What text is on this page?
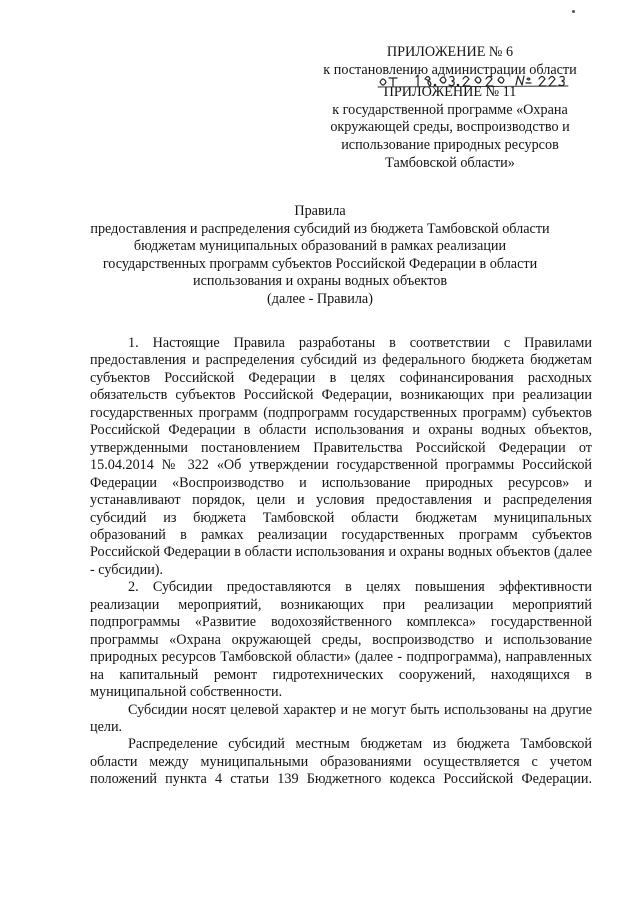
ПРИЛОЖЕНИЕ № 6
к постановлению администрации области
ПРИЛОЖЕНИЕ № 11
к государственной программе «Охрана
окружающей среды, воспроизводство и
использование природных ресурсов
Тамбовской области»
Правила
предоставления и распределения субсидий из бюджета Тамбовской области
бюджетам муниципальных образований в рамках реализации
государственных программ субъектов Российской Федерации в области
использования и охраны водных объектов
(далее - Правила)

1. Настоящие Правила разработаны в соответствии с Правилами предоставления и распределения субсидий из федерального бюджета бюджетам субъектов Российской Федерации в целях софинансирования расходных обязательств субъектов Российской Федерации, возникающих при реализации государственных программ (подпрограмм государственных программ) субъектов Российской Федерации в области использования и охраны водных объектов, утвержденными постановлением Правительства Российской Федерации от 15.04.2014 № 322 «Об утверждении государственной программы Российской Федерации «Воспроизводство и использование природных ресурсов» и устанавливают порядок, цели и условия предоставления и распределения субсидий из бюджета Тамбовской области бюджетам муниципальных образований в рамках реализации государственных программ субъектов Российской Федерации в области использования и охраны водных объектов (далее - субсидии).

2. Субсидии предоставляются в целях повышения эффективности реализации мероприятий, возникающих при реализации мероприятий подпрограммы «Развитие водохозяйственного комплекса» государственной программы «Охрана окружающей среды, воспроизводство и использование природных ресурсов Тамбовской области» (далее - подпрограмма), направленных на капитальный ремонт гидротехнических сооружений, находящихся в муниципальной собственности.

Субсидии носят целевой характер и не могут быть использованы на другие цели.

Распределение субсидий местным бюджетам из бюджета Тамбовской области между муниципальными образованиями осуществляется с учетом положений пункта 4 статьи 139 Бюджетного кодекса Российской Федерации.
